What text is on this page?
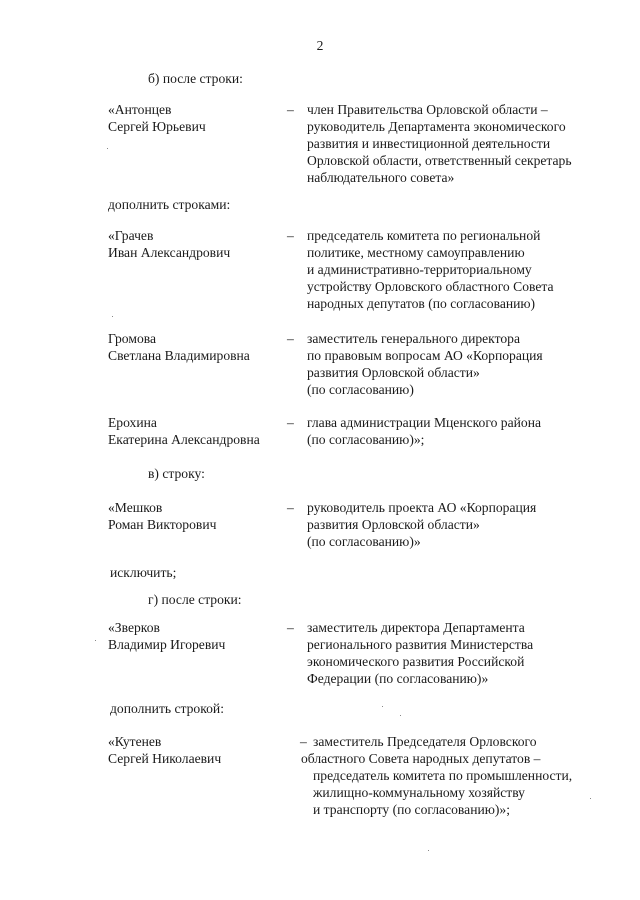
2
б) после строки:
«Антонцев
Сергей Юрьевич
– член Правительства Орловской области –
руководитель Департамента экономического
развития и инвестиционной деятельности
Орловской области, ответственный секретарь
наблюдательного совета»
дополнить строками:
«Грачев
Иван Александрович
– председатель комитета по региональной
политике, местному самоуправлению
и административно-территориальному
устройству Орловского областного Совета
народных депутатов (по согласованию)
Громова
Светлана Владимировна
– заместитель генерального директора
по правовым вопросам АО «Корпорация
развития Орловской области»
(по согласованию)
Ерохина
Екатерина Александровна
– глава администрации Мценского района
(по согласованию)»;
в) строку:
«Мешков
Роман Викторович
– руководитель проекта АО «Корпорация
развития Орловской области»
(по согласованию)»
исключить;
г) после строки:
«Зверков
Владимир Игоревич
– заместитель директора Департамента
регионального развития Министерства
экономического развития Российской
Федерации (по согласованию)»
дополнить строкой:
«Кутенев
Сергей Николаевич
– заместитель Председателя Орловского
областного Совета народных депутатов –
председатель комитета по промышленности,
жилищно-коммунальному хозяйству
и транспорту (по согласованию)»;
